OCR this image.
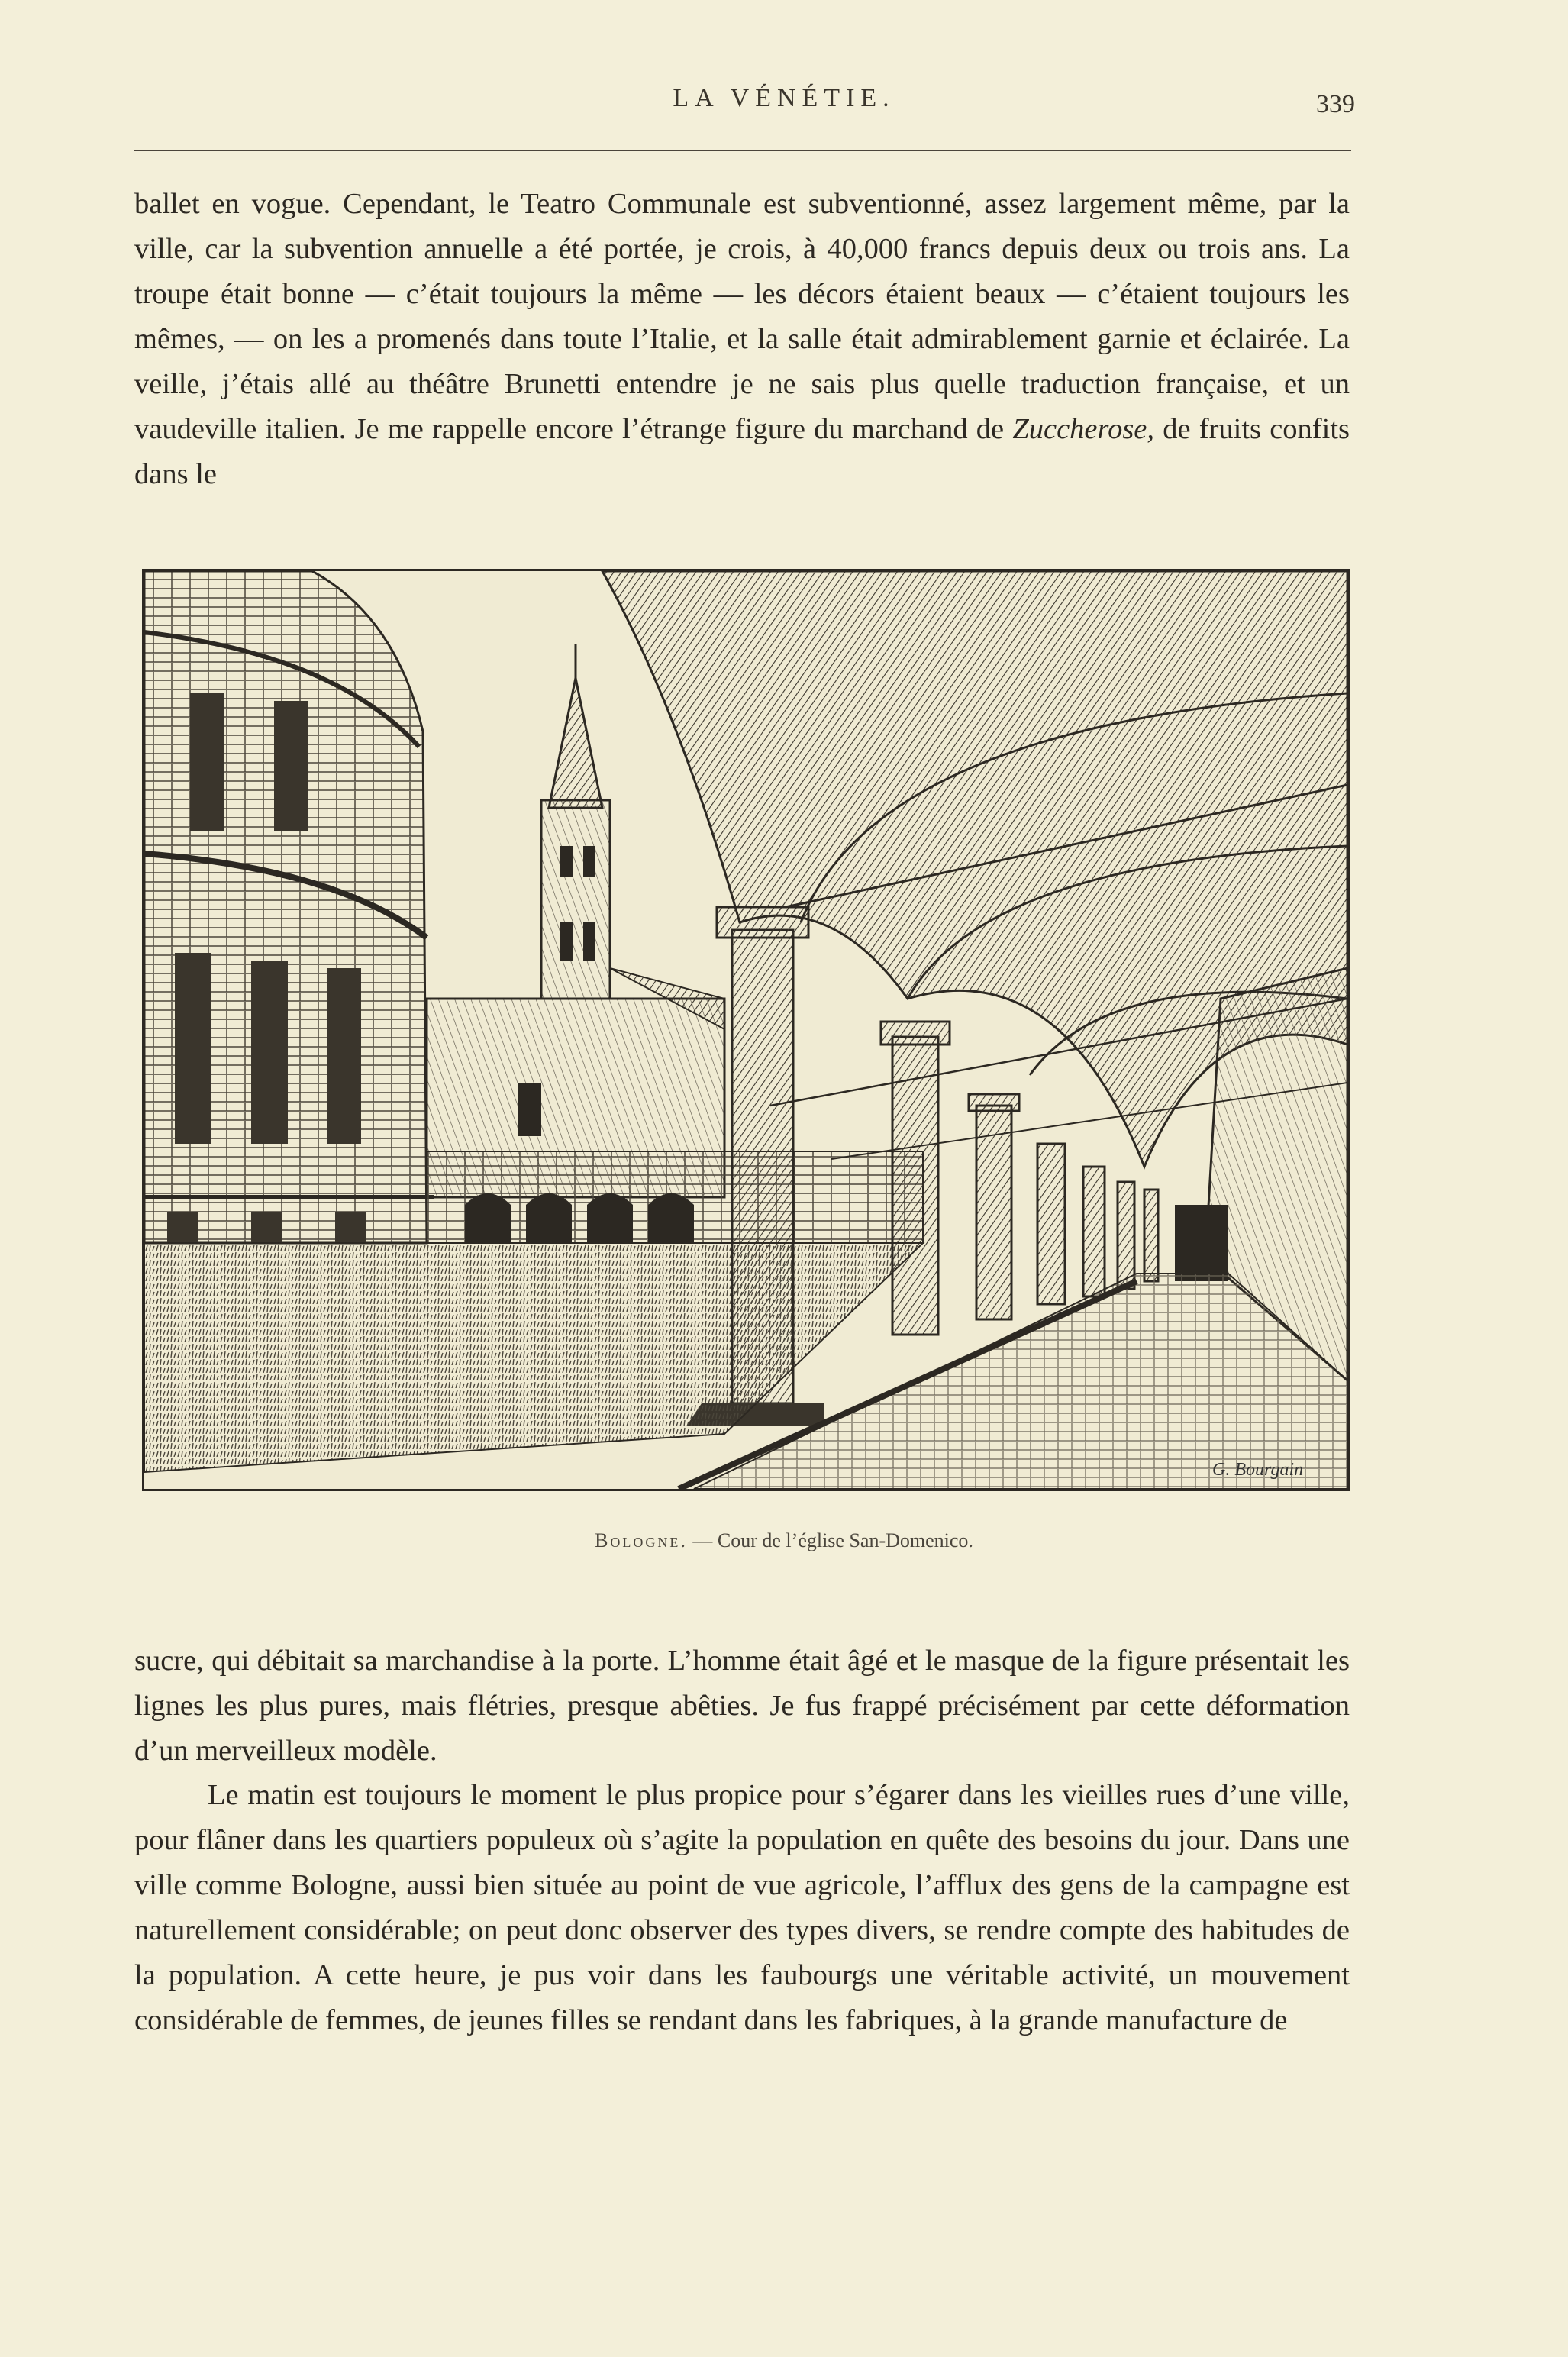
LA VÉNÉTIE.	339

ballet en vogue. Cependant, le Teatro Communale est subventionné, assez largement même, par la ville, car la subvention annuelle a été portée, je crois, à 40,000 francs depuis deux ou trois ans. La troupe était bonne — c’était toujours la même — les décors étaient beaux — c’étaient toujours les mêmes, — on les a promenés dans toute l’Italie, et la salle était admirablement garnie et éclairée. La veille, j’étais allé au théâtre Brunetti entendre je ne sais plus quelle traduction française, et un vaudeville italien. Je me rappelle encore l’étrange figure du marchand de Zuccherose, de fruits confits dans le

G. Bourgain
Bologne. — Cour de l’église San-Domenico.

sucre, qui débitait sa marchandise à la porte. L’homme était âgé et le masque de la figure présentait les lignes les plus pures, mais flétries, presque abêties. Je fus frappé précisément par cette déformation d’un merveilleux modèle.

Le matin est toujours le moment le plus propice pour s’égarer dans les vieilles rues d’une ville, pour flâner dans les quartiers populeux où s’agite la population en quête des besoins du jour. Dans une ville comme Bologne, aussi bien située au point de vue agricole, l’afflux des gens de la campagne est naturellement considérable; on peut donc observer des types divers, se rendre compte des habitudes de la population. A cette heure, je pus voir dans les faubourgs une véritable activité, un mouvement considérable de femmes, de jeunes filles se rendant dans les fabriques, à la grande manufacture de
